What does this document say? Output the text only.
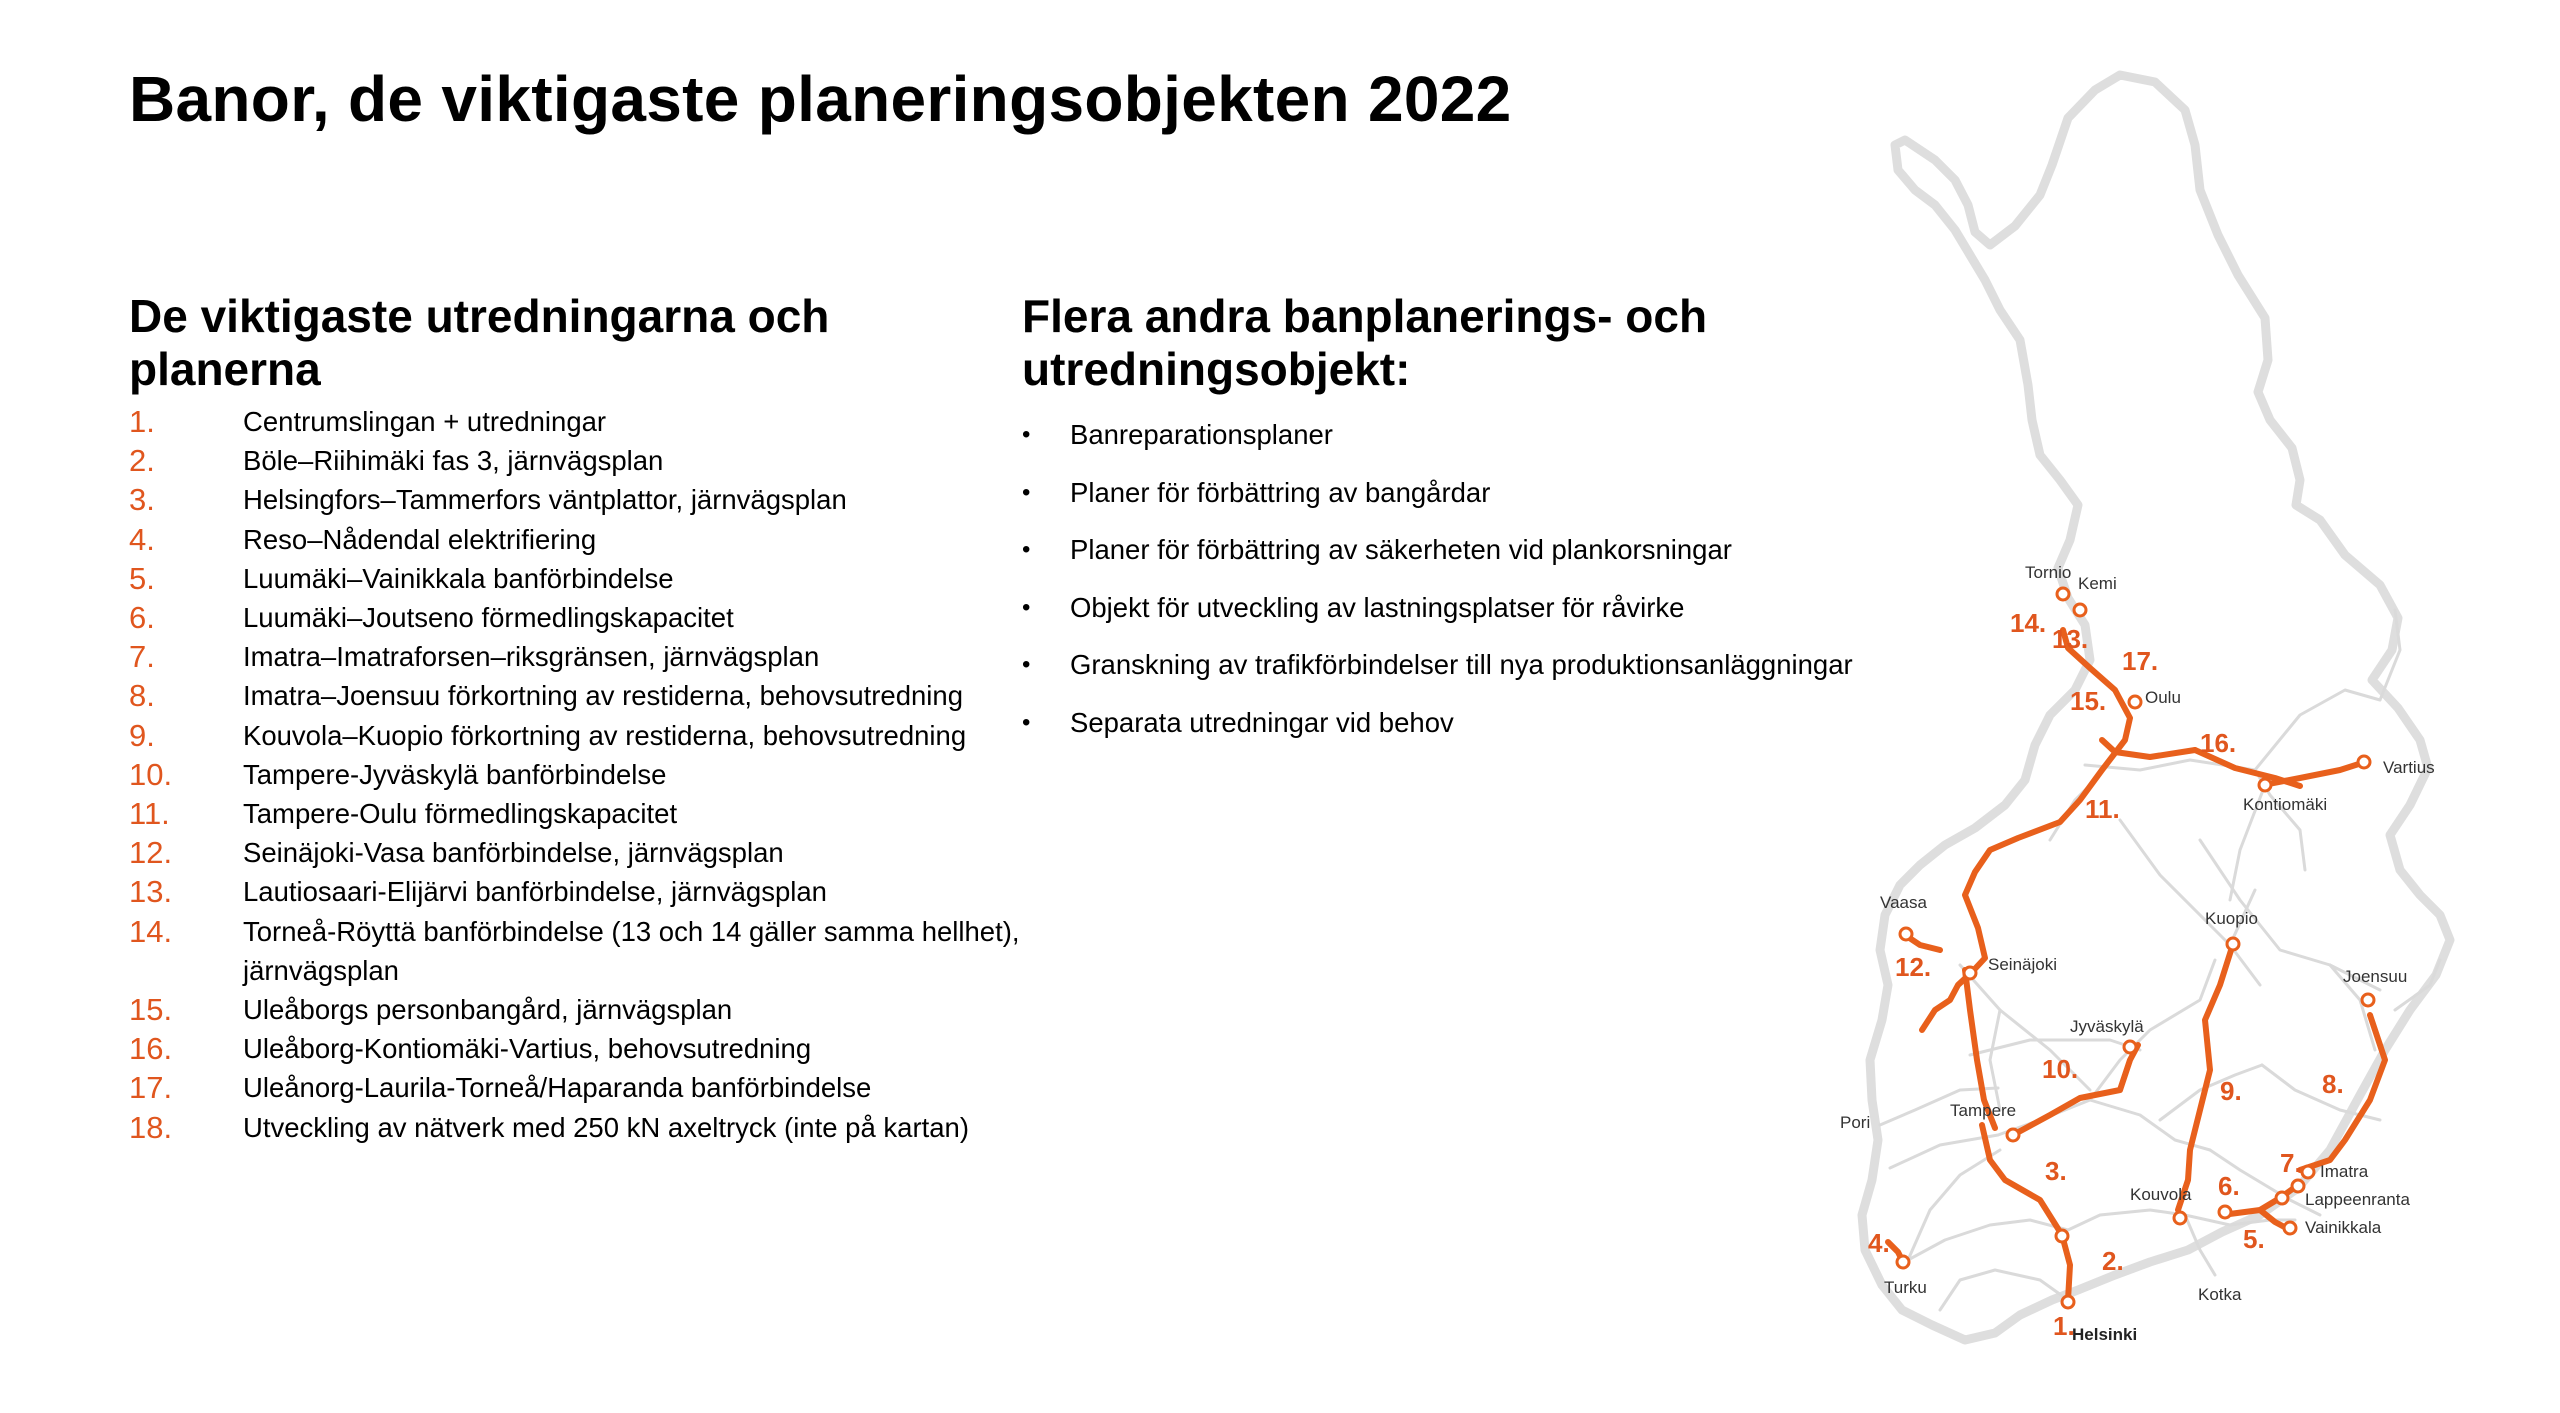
Banor, de viktigaste planeringsobjekten 2022
De viktigaste utredningarna och planerna
1.	Centrumslingan + utredningar
2.	Böle–Riihimäki fas 3, järnvägsplan
3.	Helsingfors–Tammerfors väntplattor, järnvägsplan
4.	Reso–Nådendal elektrifiering
5.	Luumäki–Vainikkala banförbindelse
6.	Luumäki–Joutseno förmedlingskapacitet
7.	Imatra–Imatraforsen–riksgränsen, järnvägsplan
8.	Imatra–Joensuu förkortning av restiderna, behovsutredning
9.	Kouvola–Kuopio förkortning av restiderna, behovsutredning
10.	Tampere-Jyväskylä banförbindelse
11.	Tampere-Oulu förmedlingskapacitet
12.	Seinäjoki-Vasa banförbindelse, järnvägsplan
13.	Lautiosaari-Elijärvi banförbindelse, järnvägsplan
14.	Torneå-Röyttä banförbindelse (13 och 14 gäller samma hellhet), järnvägsplan
15.	Uleåborgs personbangård, järnvägsplan
16.	Uleåborg-Kontiomäki-Vartius, behovsutredning
17.	Uleånorg-Laurila-Torneå/Haparanda banförbindelse
18.	Utveckling av nätverk med 250 kN axeltryck (inte på kartan)
Flera andra banplanerings- och utredningsobjekt:
• Banreparationsplaner
• Planer för förbättring av bangårdar
• Planer för förbättring av säkerheten vid plankorsningar
• Objekt för utveckling av lastningsplatser för råvirke
• Granskning av trafikförbindelser till nya produktionsanläggningar
• Separata utredningar vid behov
Tornio
Kemi
Oulu
Vartius
Kontiomäki
Vaasa
Seinäjoki
Kuopio
Joensuu
Jyväskylä
Pori
Tampere
Imatra
Lappeenranta
Vainikkala
Kouvola
Turku	Kotka
Helsinki
1.
2.
3.
4.	5.
6.
7.
8.
9.
10.
11.
12.
13.
14.
15.
16.
17.
